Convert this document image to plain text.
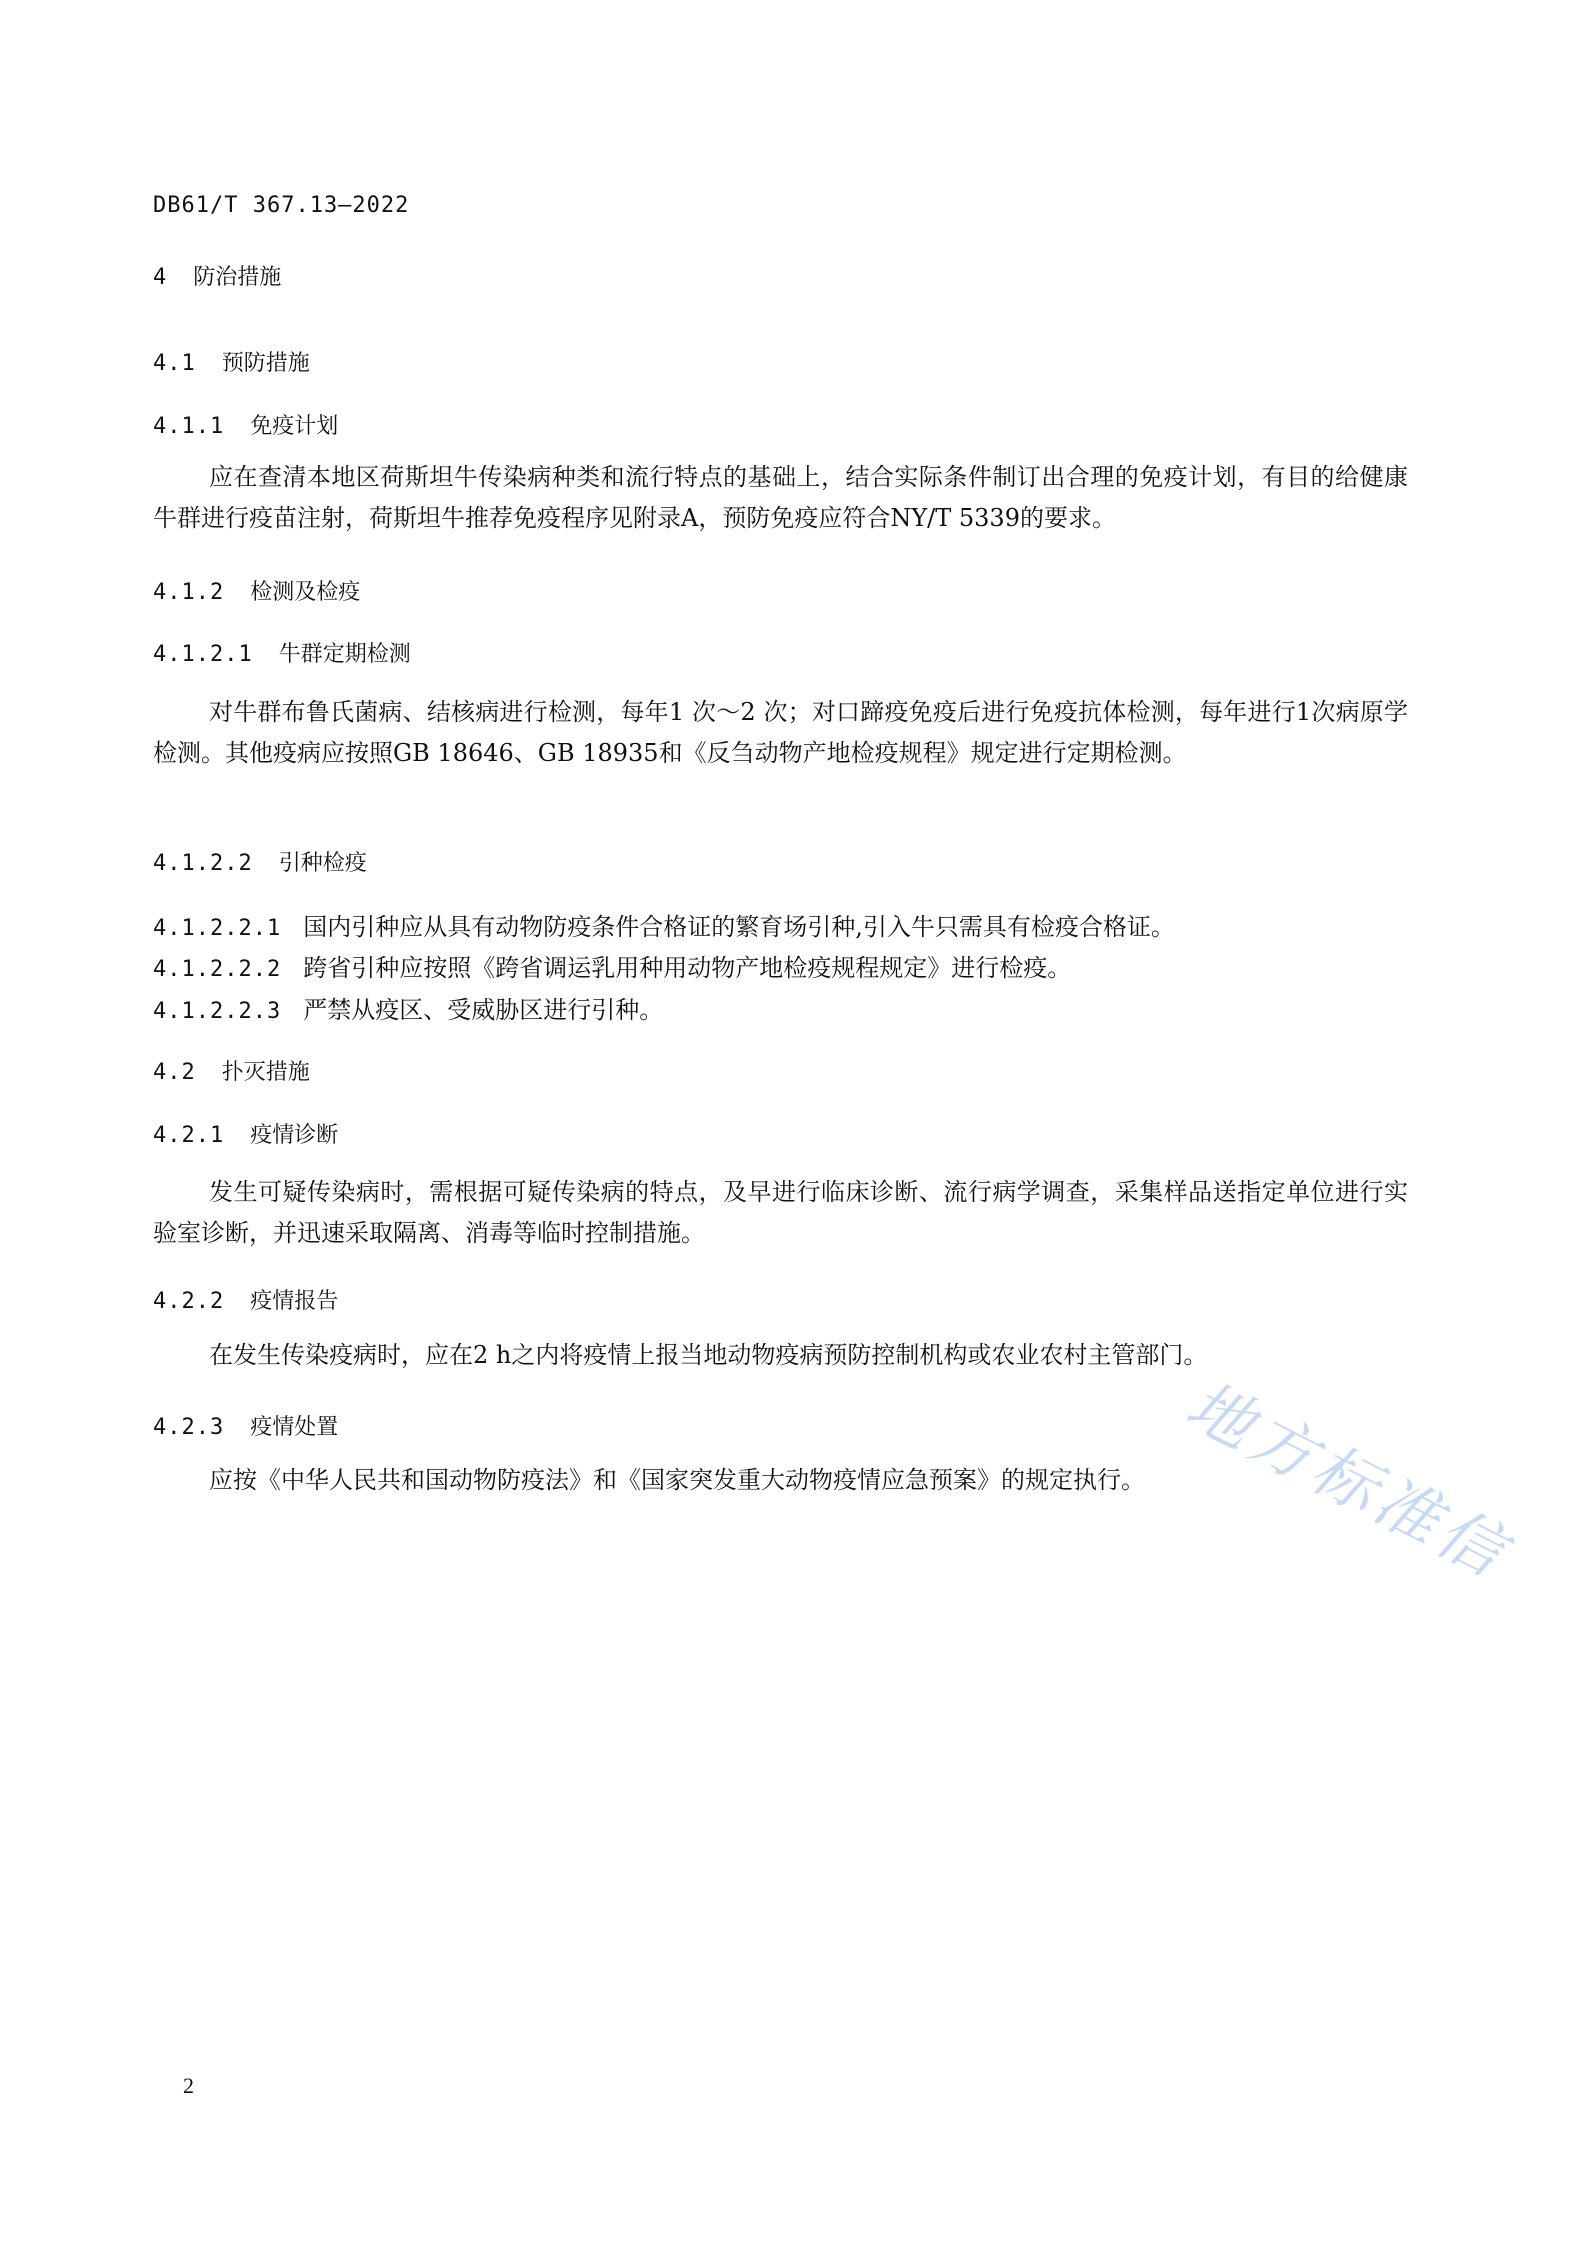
DB61/T 367.13—2022
4 防治措施
4.1 预防措施
4.1.1 免疫计划

应在查清本地区荷斯坦牛传染病种类和流行特点的基础上，结合实际条件制订出合理的免疫计划，有目的给健康牛群进行疫苗注射，荷斯坦牛推荐免疫程序见附录A，预防免疫应符合NY/T 5339的要求。

4.1.2 检测及检疫
4.1.2.1 牛群定期检测

对牛群布鲁氏菌病、结核病进行检测，每年1 次～2 次；对口蹄疫免疫后进行免疫抗体检测，每年进行1次病原学检测。其他疫病应按照GB 18646、GB 18935和《反刍动物产地检疫规程》规定进行定期检测。

4.1.2.2 引种检疫
4.1.2.2.1 国内引种应从具有动物防疫条件合格证的繁育场引种,引入牛只需具有检疫合格证。
4.1.2.2.2 跨省引种应按照《跨省调运乳用种用动物产地检疫规程规定》进行检疫。
4.1.2.2.3 严禁从疫区、受威胁区进行引种。
4.2 扑灭措施
4.2.1 疫情诊断

发生可疑传染病时，需根据可疑传染病的特点，及早进行临床诊断、流行病学调查，采集样品送指定单位进行实验室诊断，并迅速采取隔离、消毒等临时控制措施。

4.2.2 疫情报告

在发生传染疫病时，应在2 h之内将疫情上报当地动物疫病预防控制机构或农业农村主管部门。

4.2.3 疫情处置

应按《中华人民共和国动物防疫法》和《国家突发重大动物疫情应急预案》的规定执行。 地方标准信
2
